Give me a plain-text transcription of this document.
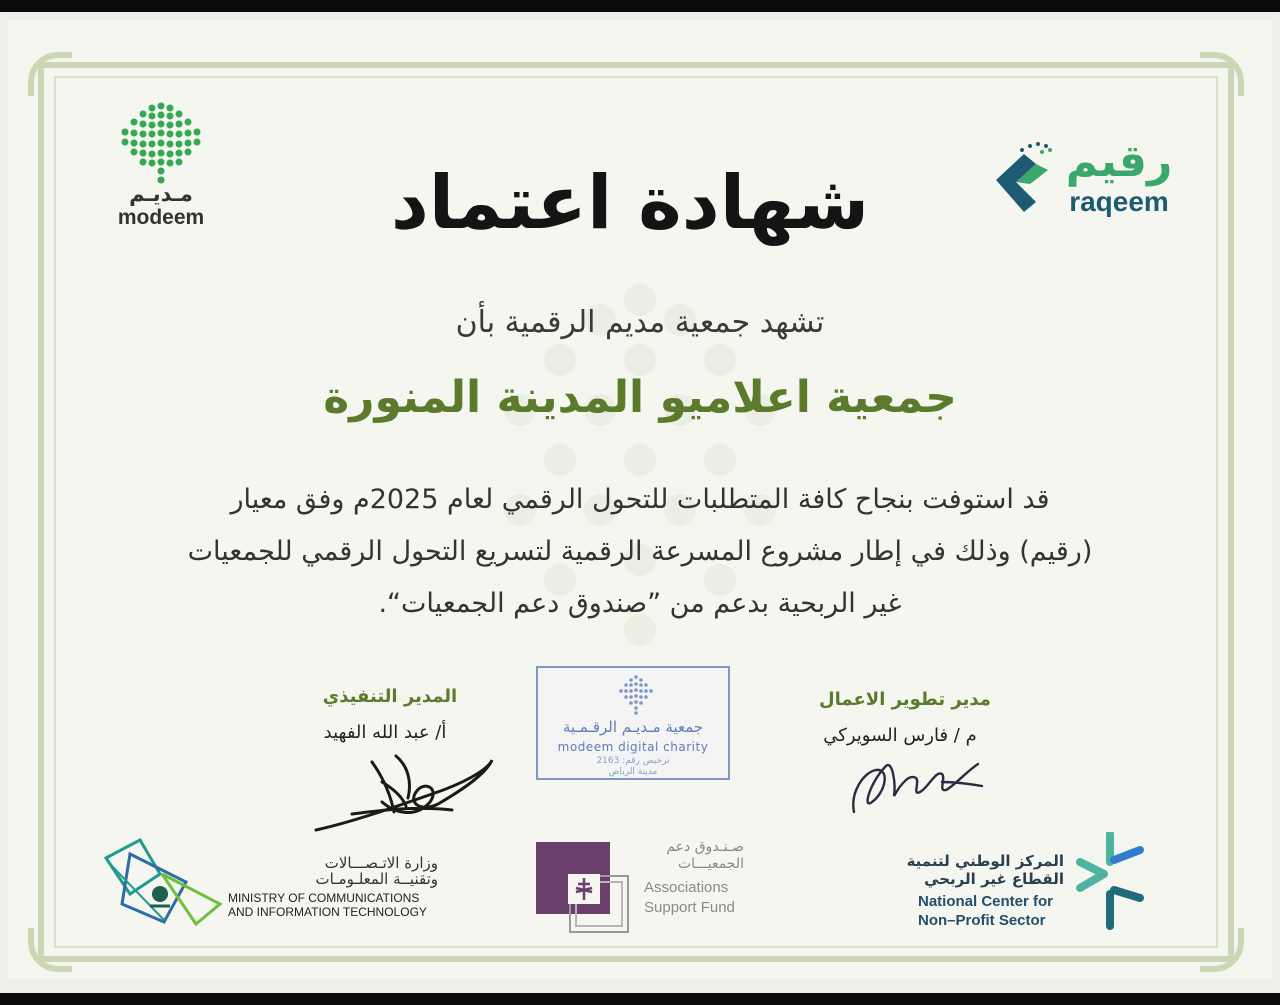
مـديـم
modeem
رقيم
raqeem
شهادة اعتماد
تشهد جمعية مديم الرقمية بأن
جمعية اعلاميو المدينة المنورة
قد استوفت بنجاح كافة المتطلبات للتحول الرقمي لعام 2025م وفق معيار
(رقيم) وذلك في إطار مشروع المسرعة الرقمية لتسريع التحول الرقمي للجمعيات
غير الربحية بدعم من ”صندوق دعم الجمعيات“.
المدير التنفيذي
أ/ عبد الله الفهيد
مدير تطوير الاعمال
م / فارس السويركي
جمعية مـديـم الرقـمـية
modeem digital charity
ترخيص رقم: 2163
مدينة الرياض
وزارة الاتـصـــالات
وتقنيــة المعلـومـات
MINISTRY OF COMMUNICATIONS
AND INFORMATION TECHNOLOGY
صـنـدوق دعم
الجمعيـــات
Associations
Support Fund
المركز الوطني لتنمية
القطاع غير الربحي
National Center for
Non–Profit Sector
